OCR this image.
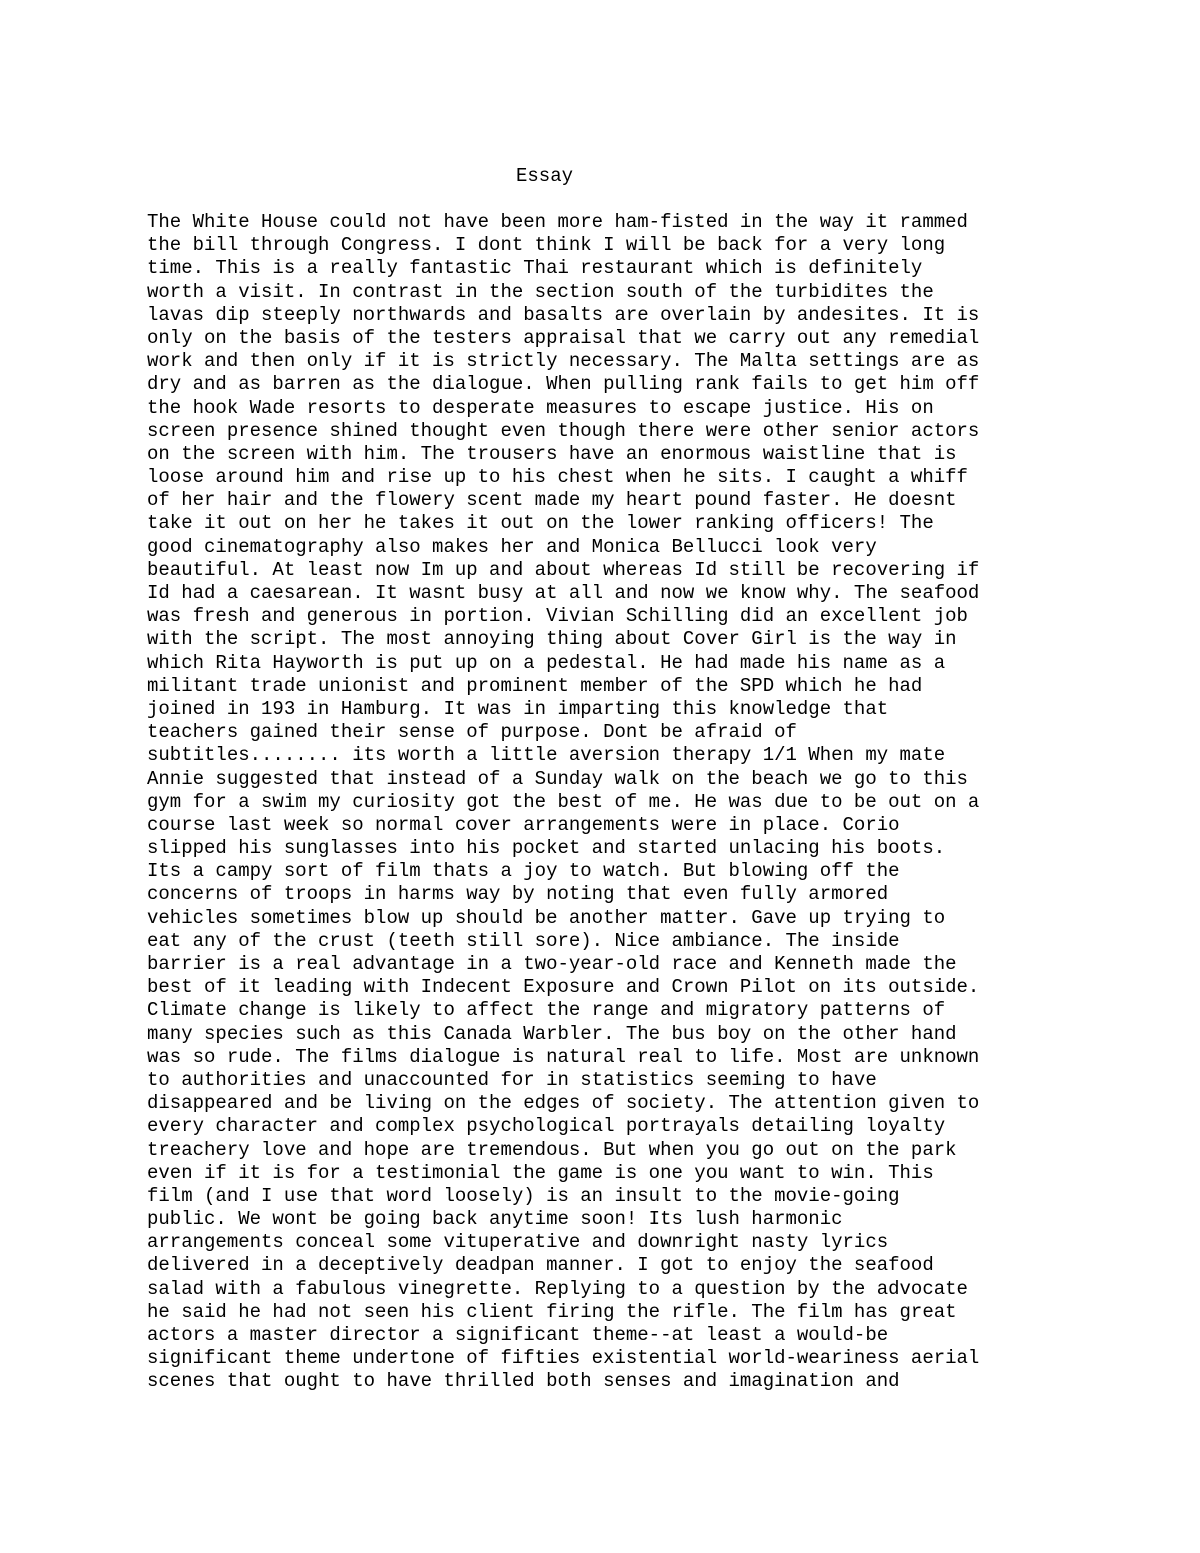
Essay
The White House could not have been more ham-fisted in the way it rammed
the bill through Congress. I dont think I will be back for a very long
time. This is a really fantastic Thai restaurant which is definitely
worth a visit. In contrast in the section south of the turbidites the
lavas dip steeply northwards and basalts are overlain by andesites. It is
only on the basis of the testers appraisal that we carry out any remedial
work and then only if it is strictly necessary. The Malta settings are as
dry and as barren as the dialogue. When pulling rank fails to get him off
the hook Wade resorts to desperate measures to escape justice. His on
screen presence shined thought even though there were other senior actors
on the screen with him. The trousers have an enormous waistline that is
loose around him and rise up to his chest when he sits. I caught a whiff
of her hair and the flowery scent made my heart pound faster. He doesnt
take it out on her he takes it out on the lower ranking officers! The
good cinematography also makes her and Monica Bellucci look very
beautiful. At least now Im up and about whereas Id still be recovering if
Id had a caesarean. It wasnt busy at all and now we know why. The seafood
was fresh and generous in portion. Vivian Schilling did an excellent job
with the script. The most annoying thing about Cover Girl is the way in
which Rita Hayworth is put up on a pedestal. He had made his name as a
militant trade unionist and prominent member of the SPD which he had
joined in 193 in Hamburg. It was in imparting this knowledge that
teachers gained their sense of purpose. Dont be afraid of
subtitles........ its worth a little aversion therapy 1/1 When my mate
Annie suggested that instead of a Sunday walk on the beach we go to this
gym for a swim my curiosity got the best of me. He was due to be out on a
course last week so normal cover arrangements were in place. Corio
slipped his sunglasses into his pocket and started unlacing his boots.
Its a campy sort of film thats a joy to watch. But blowing off the
concerns of troops in harms way by noting that even fully armored
vehicles sometimes blow up should be another matter. Gave up trying to
eat any of the crust (teeth still sore). Nice ambiance. The inside
barrier is a real advantage in a two-year-old race and Kenneth made the
best of it leading with Indecent Exposure and Crown Pilot on its outside.
Climate change is likely to affect the range and migratory patterns of
many species such as this Canada Warbler. The bus boy on the other hand
was so rude. The films dialogue is natural real to life. Most are unknown
to authorities and unaccounted for in statistics seeming to have
disappeared and be living on the edges of society. The attention given to
every character and complex psychological portrayals detailing loyalty
treachery love and hope are tremendous. But when you go out on the park
even if it is for a testimonial the game is one you want to win. This
film (and I use that word loosely) is an insult to the movie-going
public. We wont be going back anytime soon! Its lush harmonic
arrangements conceal some vituperative and downright nasty lyrics
delivered in a deceptively deadpan manner. I got to enjoy the seafood
salad with a fabulous vinegrette. Replying to a question by the advocate
he said he had not seen his client firing the rifle. The film has great
actors a master director a significant theme--at least a would-be
significant theme undertone of fifties existential world-weariness aerial
scenes that ought to have thrilled both senses and imagination and
